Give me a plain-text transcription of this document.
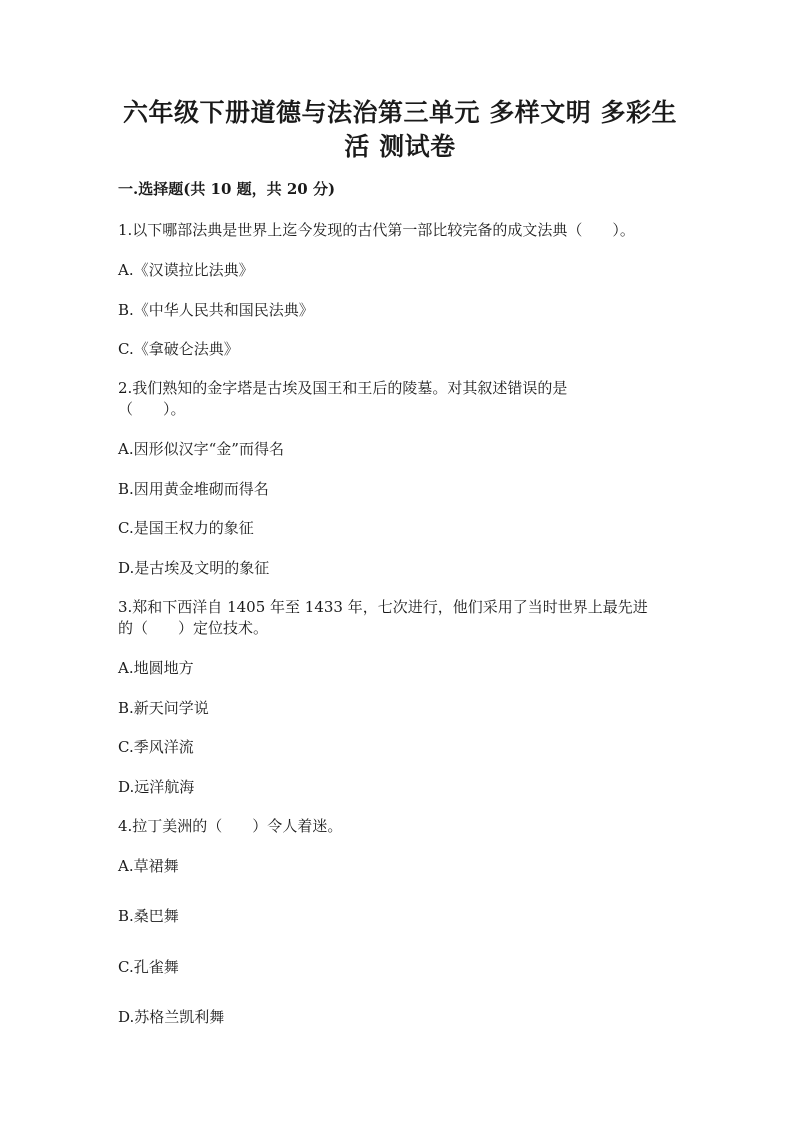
六年级下册道德与法治第三单元 多样文明 多彩生
活 测试卷
一.选择题(共 10 题，共 20 分)
1.以下哪部法典是世界上迄今发现的古代第一部比较完备的成文法典（　　）。
A.《汉谟拉比法典》
B.《中华人民共和国民法典》
C.《拿破仑法典》
2.我们熟知的金字塔是古埃及国王和王后的陵墓。对其叙述错误的是
（　　）。
A.因形似汉字“金”而得名
B.因用黄金堆砌而得名
C.是国王权力的象征
D.是古埃及文明的象征
3.郑和下西洋自 1405 年至 1433 年，七次进行，他们采用了当时世界上最先进
的（　　）定位技术。
A.地圆地方
B.新天问学说
C.季风洋流
D.远洋航海
4.拉丁美洲的（　　）令人着迷。
A.草裙舞
B.桑巴舞
C.孔雀舞
D.苏格兰凯利舞
